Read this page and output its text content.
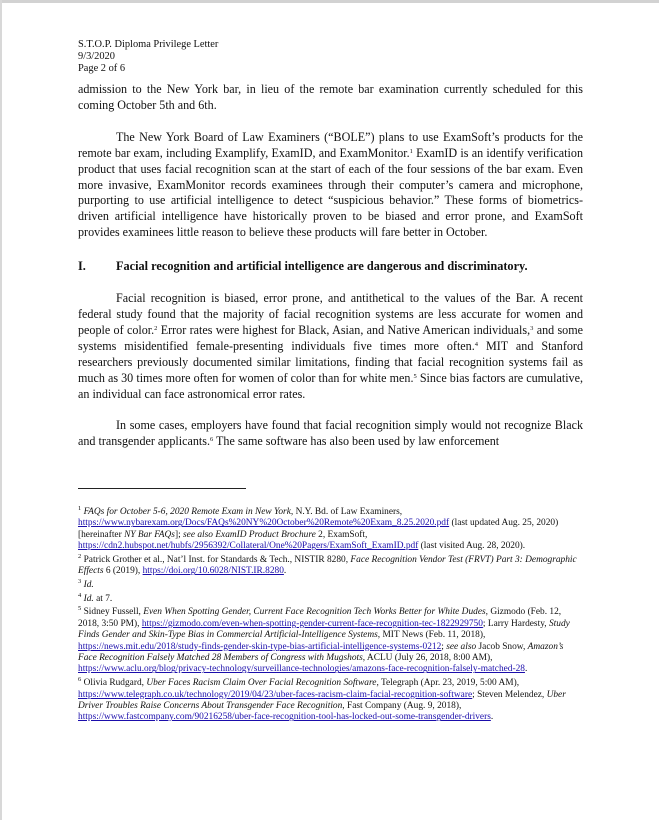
S.T.O.P. Diploma Privilege Letter
9/3/2020
Page 2 of 6

admission to the New York bar, in lieu of the remote bar examination currently scheduled for this coming October 5th and 6th.

The New York Board of Law Examiners (“BOLE”) plans to use ExamSoft’s products for the remote bar exam, including Examplify, ExamID, and ExamMonitor.$^1$ ExamID is an identify verification product that uses facial recognition scan at the start of each of the four sessions of the bar exam. Even more invasive, ExamMonitor records examinees through their computer’s camera and microphone, purporting to use artificial intelligence to detect “suspicious behavior.” These forms of biometrics-driven artificial intelligence have historically proven to be biased and error prone, and ExamSoft provides examinees little reason to believe these products will fare better in October.

I.	Facial recognition and artificial intelligence are dangerous and discriminatory.

Facial recognition is biased, error prone, and antithetical to the values of the Bar. A recent federal study found that the majority of facial recognition systems are less accurate for women and people of color.$^2$ Error rates were highest for Black, Asian, and Native American individuals,$^3$ and some systems misidentified female-presenting individuals five times more often.$^4$ MIT and Stanford researchers previously documented similar limitations, finding that facial recognition systems fail as much as 30 times more often for women of color than for white men.$^5$ Since bias factors are cumulative, an individual can face astronomical error rates.

In some cases, employers have found that facial recognition simply would not recognize Black and transgender applicants.$^6$ The same software has also been used by law enforcement

$^1$ FAQs for October 5-6, 2020 Remote Exam in New York, N.Y. Bd. of Law Examiners, https://www.nybarexam.org/Docs/FAQs%20NY%20October%20Remote%20Exam_8.25.2020.pdf (last updated Aug. 25, 2020) [hereinafter NY Bar FAQs]; see also ExamID Product Brochure 2, ExamSoft, https://cdn2.hubspot.net/hubfs/2956392/Collateral/One%20Pagers/ExamSoft_ExamID.pdf (last visited Aug. 28, 2020).
$^2$ Patrick Grother et al., Nat’l Inst. for Standards & Tech., NISTIR 8280, Face Recognition Vendor Test (FRVT) Part 3: Demographic Effects 6 (2019), https://doi.org/10.6028/NIST.IR.8280.
$^3$ Id.
$^4$ Id. at 7.
$^5$ Sidney Fussell, Even When Spotting Gender, Current Face Recognition Tech Works Better for White Dudes, Gizmodo (Feb. 12, 2018, 3:50 PM), https://gizmodo.com/even-when-spotting-gender-current-face-recognition-tec-1822929750; Larry Hardesty, Study Finds Gender and Skin-Type Bias in Commercial Artificial-Intelligence Systems, MIT News (Feb. 11, 2018), https://news.mit.edu/2018/study-finds-gender-skin-type-bias-artificial-intelligence-systems-0212; see also Jacob Snow, Amazon’s Face Recognition Falsely Matched 28 Members of Congress with Mugshots, ACLU (July 26, 2018, 8:00 AM), https://www.aclu.org/blog/privacy-technology/surveillance-technologies/amazons-face-recognition-falsely-matched-28.
$^6$ Olivia Rudgard, Uber Faces Racism Claim Over Facial Recognition Software, Telegraph (Apr. 23, 2019, 5:00 AM), https://www.telegraph.co.uk/technology/2019/04/23/uber-faces-racism-claim-facial-recognition-software; Steven Melendez, Uber Driver Troubles Raise Concerns About Transgender Face Recognition, Fast Company (Aug. 9, 2018), https://www.fastcompany.com/90216258/uber-face-recognition-tool-has-locked-out-some-transgender-drivers.
